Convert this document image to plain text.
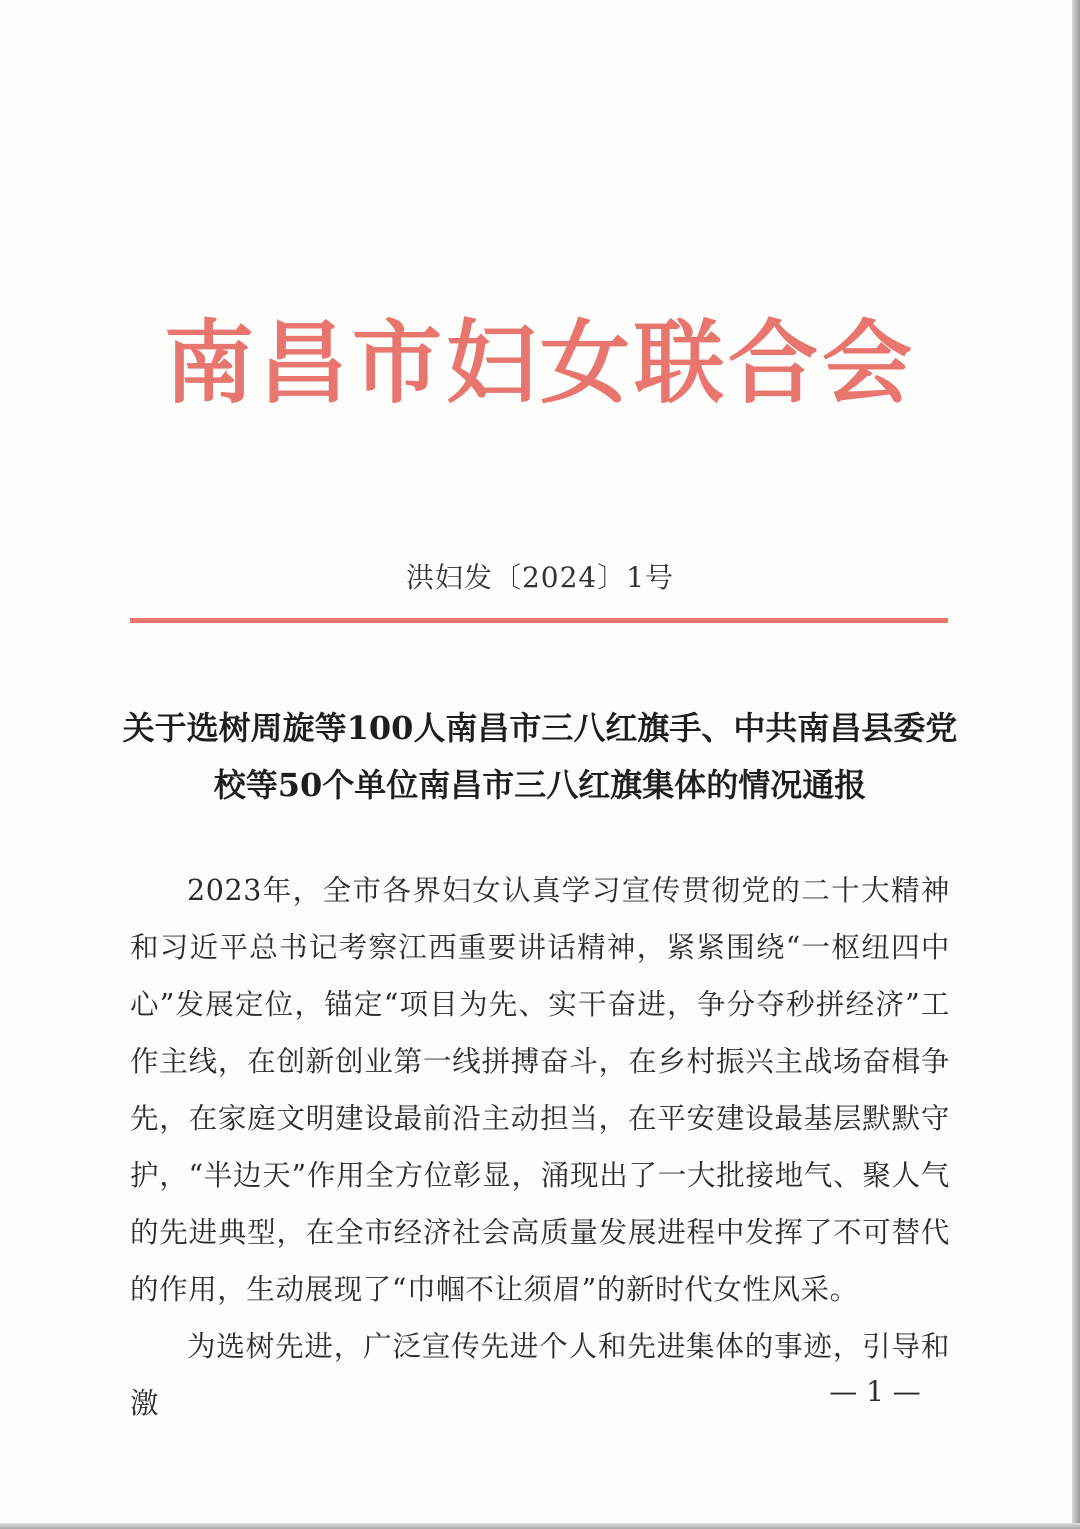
南昌市妇女联合会
洪妇发〔2024〕1号
关于选树周旋等100人南昌市三八红旗手、中共南昌县委党校等50个单位南昌市三八红旗集体的情况通报

2023年，全市各界妇女认真学习宣传贯彻党的二十大精神和习近平总书记考察江西重要讲话精神，紧紧围绕“一枢纽四中心”发展定位，锚定“项目为先、实干奋进，争分夺秒拼经济”工作主线，在创新创业第一线拼搏奋斗，在乡村振兴主战场奋楫争先，在家庭文明建设最前沿主动担当，在平安建设最基层默默守护，“半边天”作用全方位彰显，涌现出了一大批接地气、聚人气的先进典型，在全市经济社会高质量发展进程中发挥了不可替代的作用，生动展现了“巾帼不让须眉”的新时代女性风采。

为选树先进，广泛宣传先进个人和先进集体的事迹，引导和激	— 1 —
